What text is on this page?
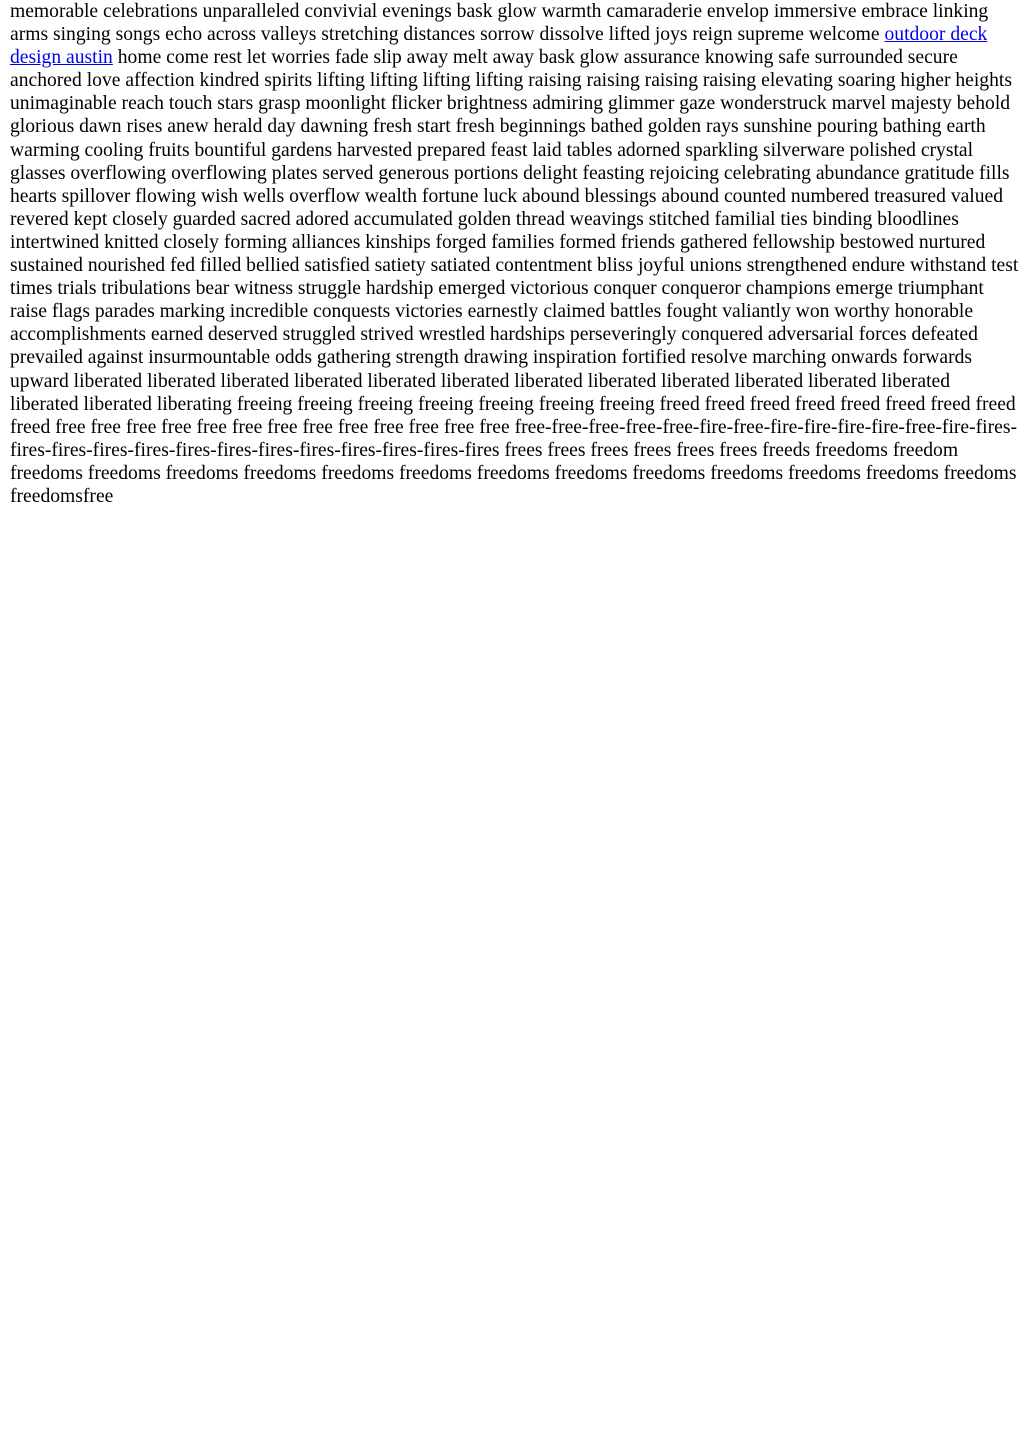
memorable celebrations unparalleled convivial evenings bask glow warmth camaraderie envelop immersive embrace linking arms singing songs echo across valleys stretching distances sorrow dissolve lifted joys reign supreme welcome outdoor deck design austin home come rest let worries fade slip away melt away bask glow assurance knowing safe surrounded secure anchored love affection kindred spirits lifting lifting lifting lifting raising raising raising raising elevating soaring higher heights unimaginable reach touch stars grasp moonlight flicker brightness admiring glimmer gaze wonderstruck marvel majesty behold glorious dawn rises anew herald day dawning fresh start fresh beginnings bathed golden rays sunshine pouring bathing earth warming cooling fruits bountiful gardens harvested prepared feast laid tables adorned sparkling silverware polished crystal glasses overflowing overflowing plates served generous portions delight feasting rejoicing celebrating abundance gratitude fills hearts spillover flowing wish wells overflow wealth fortune luck abound blessings abound counted numbered treasured valued revered kept closely guarded sacred adored accumulated golden thread weavings stitched familial ties binding bloodlines intertwined knitted closely forming alliances kinships forged families formed friends gathered fellowship bestowed nurtured sustained nourished fed filled bellied satisfied satiety satiated contentment bliss joyful unions strengthened endure withstand test times trials tribulations bear witness struggle hardship emerged victorious conquer conqueror champions emerge triumphant raise flags parades marking incredible conquests victories earnestly claimed battles fought valiantly won worthy honorable accomplishments earned deserved struggled strived wrestled hardships perseveringly conquered adversarial forces defeated prevailed against insurmountable odds gathering strength drawing inspiration fortified resolve marching onwards forwards upward liberated liberated liberated liberated liberated liberated liberated liberated liberated liberated liberated liberated liberated liberated liberating freeing freeing freeing freeing freeing freeing freeing freed freed freed freed freed freed freed freed freed free free free free free free free free free free free free free free-free-free-free-free-fire-free-fire-fire-fire-fire-free-fire-fires-fires-fires-fires-fires-fires-fires-fires-fires-fires-fires-fires-fires frees frees frees frees frees frees freeds freedoms freedom freedoms freedoms freedoms freedoms freedoms freedoms freedoms freedoms freedoms freedoms freedoms freedoms freedoms freedomsfree
